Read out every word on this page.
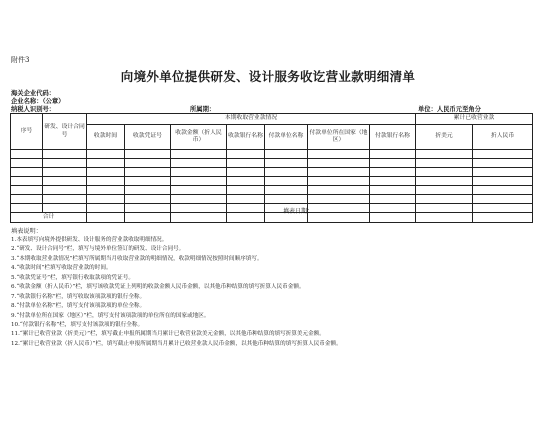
附件3
向境外单位提供研发、设计服务收讫营业款明细清单
海关企业代码：
企业名称：（公章）
纳税人识别号：	所属期：	单位：人民币元至角分
序号	研发、设计合同号	本期收取营业款情况							累计已收营业款	
		收款时间	收款凭证号	收款金额（折人民币）	收款银行名称	付款单位名称	付款单位所在国家（地区）	付款银行名称	折美元	折人民币

合计										
填表日期：
填表说明：
1.本表填写向境外提供研发、设计服务的营业款收取明细情况。
2.“研发、设计合同号”栏，填写与境外单位签订的研发、设计合同号。
3.“本期收取营业款情况”栏填写所属期当月收取营业款的明细情况，收款明细情况按照时间顺序填写。
4.“收款时间”栏填写收取营业款的时间。
5.“收款凭证号”栏，填写银行收取款项的凭证号。
6.“收款金额（折人民币）”栏，填写该收款凭证上列明的收款金额人民币金额，以其他币种结算的填写折算人民币金额。
7.“收款银行名称”栏，填写收取该项款项的银行全称。
8.“付款单位名称”栏，填写支付该项款项的单位全称。
9.“付款单位所在国家（地区）”栏，填写支付该项款项的单位所在的国家或地区。
10.“付款银行名称”栏，填写支付该款项的银行全称。
11.“累计已收营业款（折美元）”栏，填写截止申报所属期当月累计已收营业款美元金额，以其他币种结算的填写折算美元金额。
12.“累计已收营业款（折人民币）”栏，填写截止申报所属期当月累计已收营业款人民币金额，以其他币种结算的填写折算人民币金额。
